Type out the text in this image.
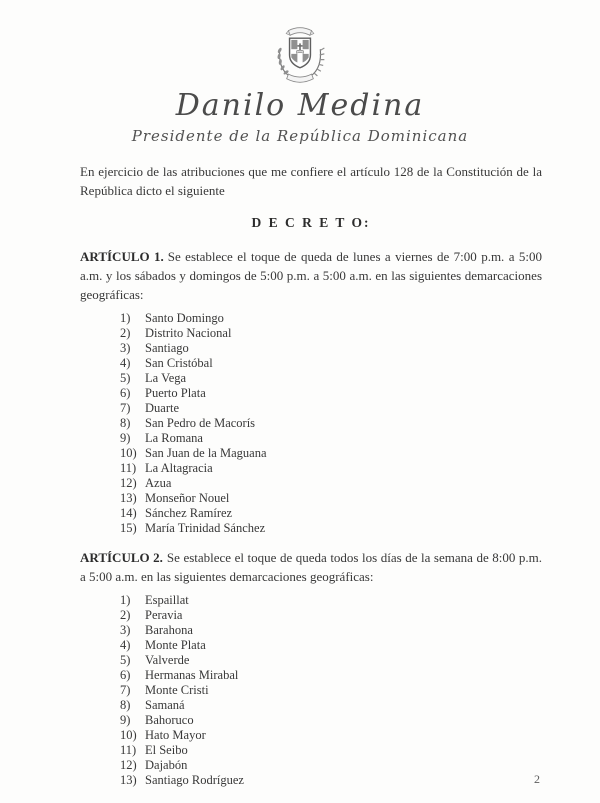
Danilo Medina
Presidente de la República Dominicana

En ejercicio de las atribuciones que me confiere el artículo 128 de la Constitución de la República dicto el siguiente

D E C R E T O:

ARTÍCULO 1. Se establece el toque de queda de lunes a viernes de 7:00 p.m. a 5:00 a.m. y los sábados y domingos de 5:00 p.m. a 5:00 a.m. en las siguientes demarcaciones geográficas:

1) Santo Domingo
2) Distrito Nacional
3) Santiago
4) San Cristóbal
5) La Vega
6) Puerto Plata
7) Duarte
8) San Pedro de Macorís
9) La Romana
10) San Juan de la Maguana
11) La Altagracia
12) Azua
13) Monseñor Nouel
14) Sánchez Ramírez
15) María Trinidad Sánchez

ARTÍCULO 2. Se establece el toque de queda todos los días de la semana de 8:00 p.m. a 5:00 a.m. en las siguientes demarcaciones geográficas:

1) Espaillat
2) Peravia
3) Barahona
4) Monte Plata
5) Valverde
6) Hermanas Mirabal
7) Monte Cristi
8) Samaná
9) Bahoruco
10) Hato Mayor
11) El Seibo
12) Dajabón
13) Santiago Rodríguez	2
